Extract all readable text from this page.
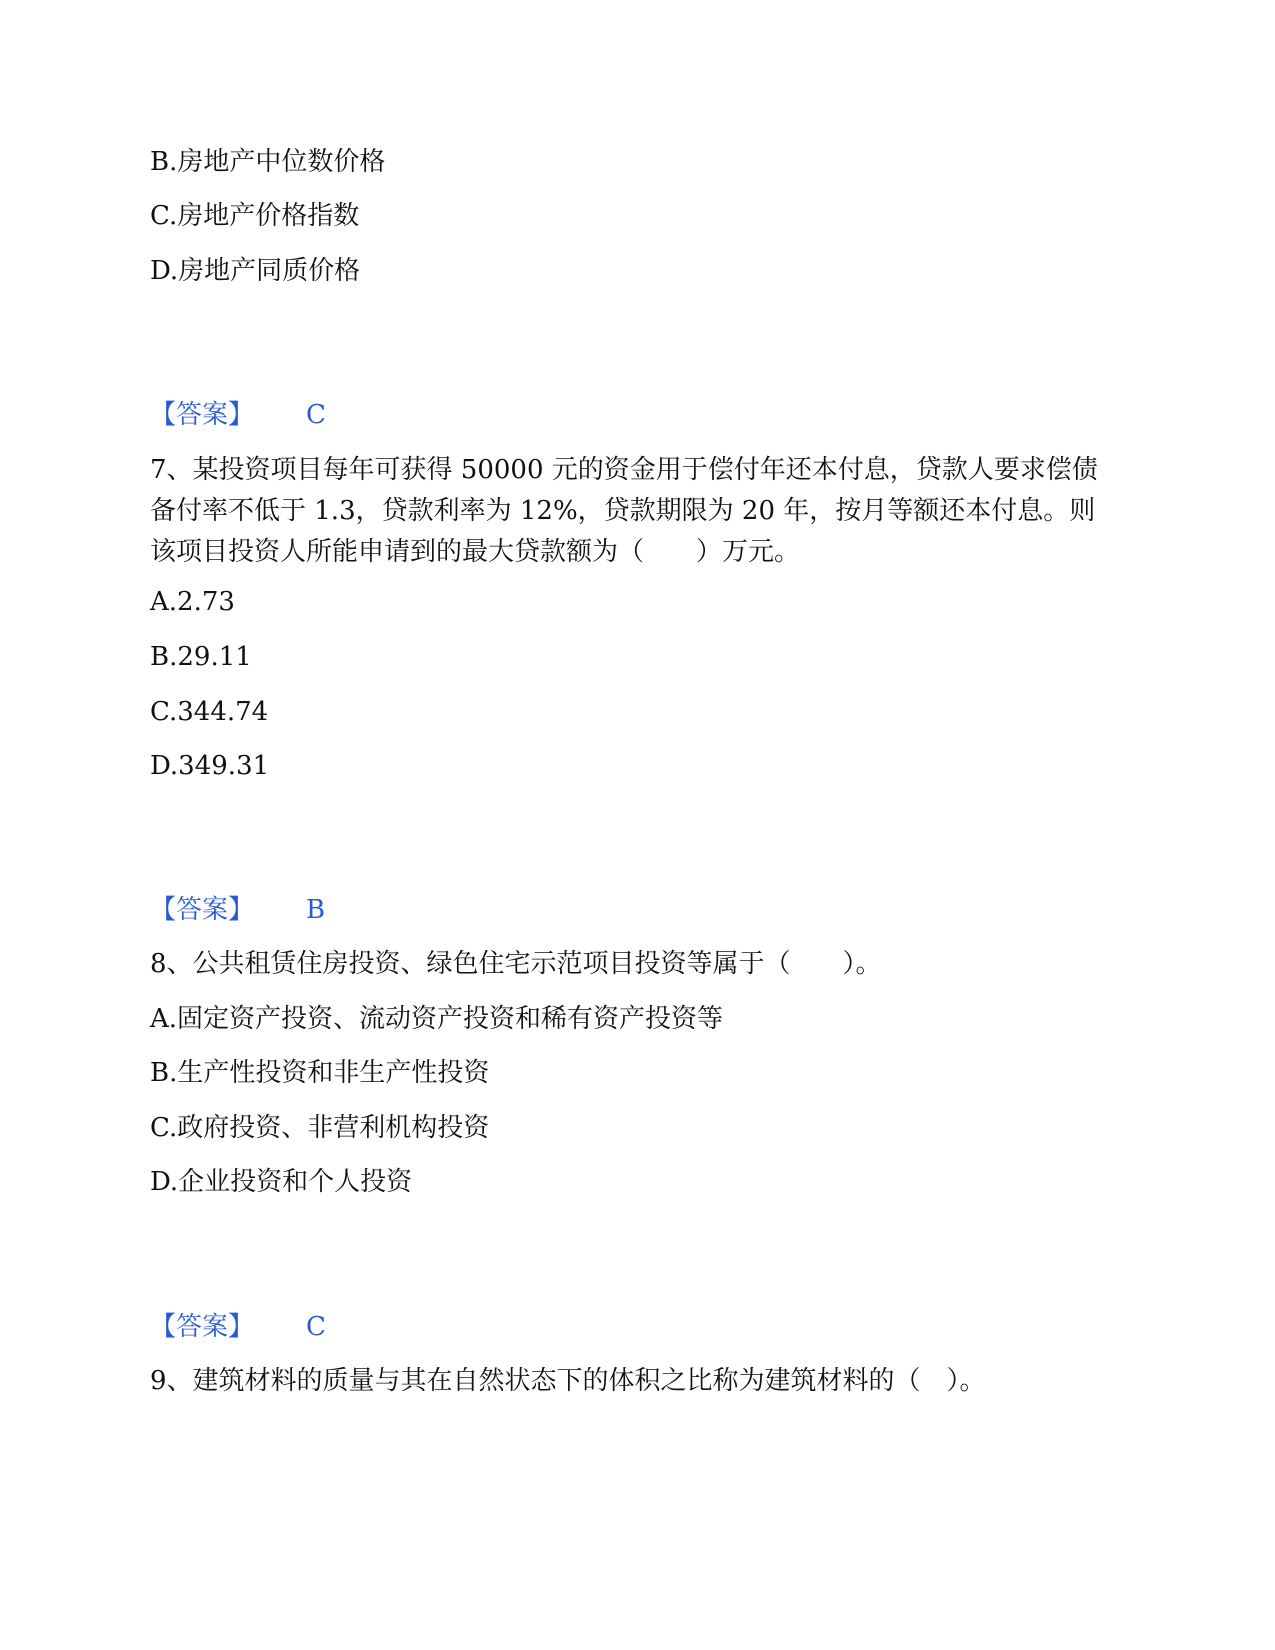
B.房地产中位数价格
C.房地产价格指数
D.房地产同质价格
【答案】 C
7、某投资项目每年可获得 50000 元的资金用于偿付年还本付息，贷款人要求偿债备付率不低于 1.3，贷款利率为 12%，贷款期限为 20 年，按月等额还本付息。则该项目投资人所能申请到的最大贷款额为（　　）万元。
A.2.73
B.29.11
C.344.74
D.349.31
【答案】 B
8、公共租赁住房投资、绿色住宅示范项目投资等属于（　　）。
A.固定资产投资、流动资产投资和稀有资产投资等
B.生产性投资和非生产性投资
C.政府投资、非营利机构投资
D.企业投资和个人投资
【答案】 C
9、建筑材料的质量与其在自然状态下的体积之比称为建筑材料的（　）。
